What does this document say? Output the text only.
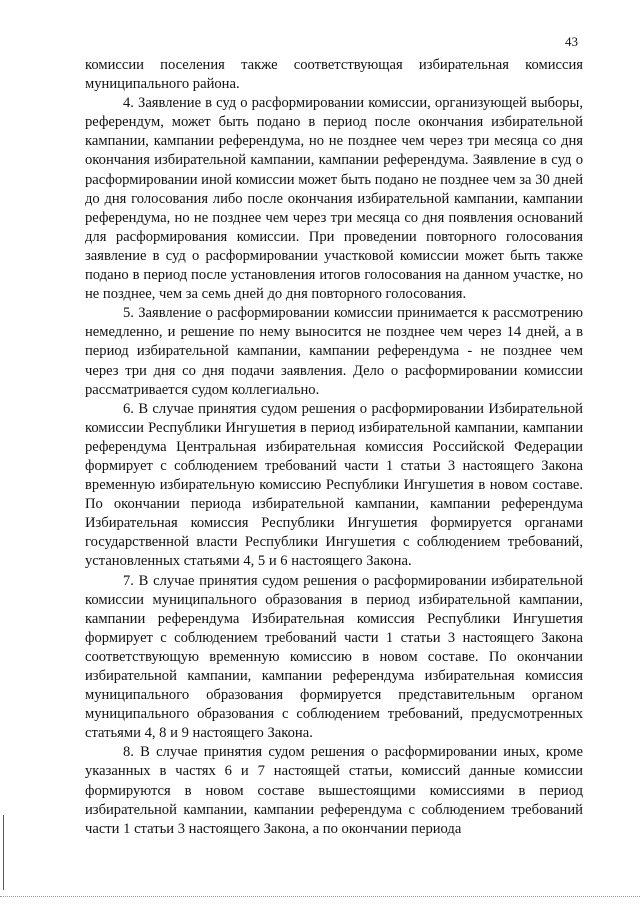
43

комиссии поселения также соответствующая избирательная комиссия муниципального района.

4. Заявление в суд о расформировании комиссии, организующей выборы, референдум, может быть подано в период после окончания избирательной кампании, кампании референдума, но не позднее чем через три месяца со дня окончания избирательной кампании, кампании референдума. Заявление в суд о расформировании иной комиссии может быть подано не позднее чем за 30 дней до дня голосования либо после окончания избирательной кампании, кампании референдума, но не позднее чем через три месяца со дня появления оснований для расформирования комиссии. При проведении повторного голосования заявление в суд о расформировании участковой комиссии может быть также подано в период после установления итогов голосования на данном участке, но не позднее, чем за семь дней до дня повторного голосования.

5. Заявление о расформировании комиссии принимается к рассмотрению немедленно, и решение по нему выносится не позднее чем через 14 дней, а в период избирательной кампании, кампании референдума - не позднее чем через три дня со дня подачи заявления. Дело о расформировании комиссии рассматривается судом коллегиально.

6. В случае принятия судом решения о расформировании Избирательной комиссии Республики Ингушетия в период избирательной кампании, кампании референдума Центральная избирательная комиссия Российской Федерации формирует с соблюдением требований части 1 статьи 3 настоящего Закона временную избирательную комиссию Республики Ингушетия в новом составе. По окончании периода избирательной кампании, кампании референдума Избирательная комиссия Республики Ингушетия формируется органами государственной власти Республики Ингушетия с соблюдением требований, установленных статьями 4, 5 и 6 настоящего Закона.

7. В случае принятия судом решения о расформировании избирательной комиссии муниципального образования в период избирательной кампании, кампании референдума Избирательная комиссия Республики Ингушетия формирует с соблюдением требований части 1 статьи 3 настоящего Закона соответствующую временную комиссию в новом составе. По окончании избирательной кампании, кампании референдума избирательная комиссия муниципального образования формируется представительным органом муниципального образования с соблюдением требований, предусмотренных статьями 4, 8 и 9 настоящего Закона.

8. В случае принятия судом решения о расформировании иных, кроме указанных в частях 6 и 7 настоящей статьи, комиссий данные комиссии формируются в новом составе вышестоящими комиссиями в период избирательной кампании, кампании референдума с соблюдением требований части 1 статьи 3 настоящего Закона, а по окончании периода
